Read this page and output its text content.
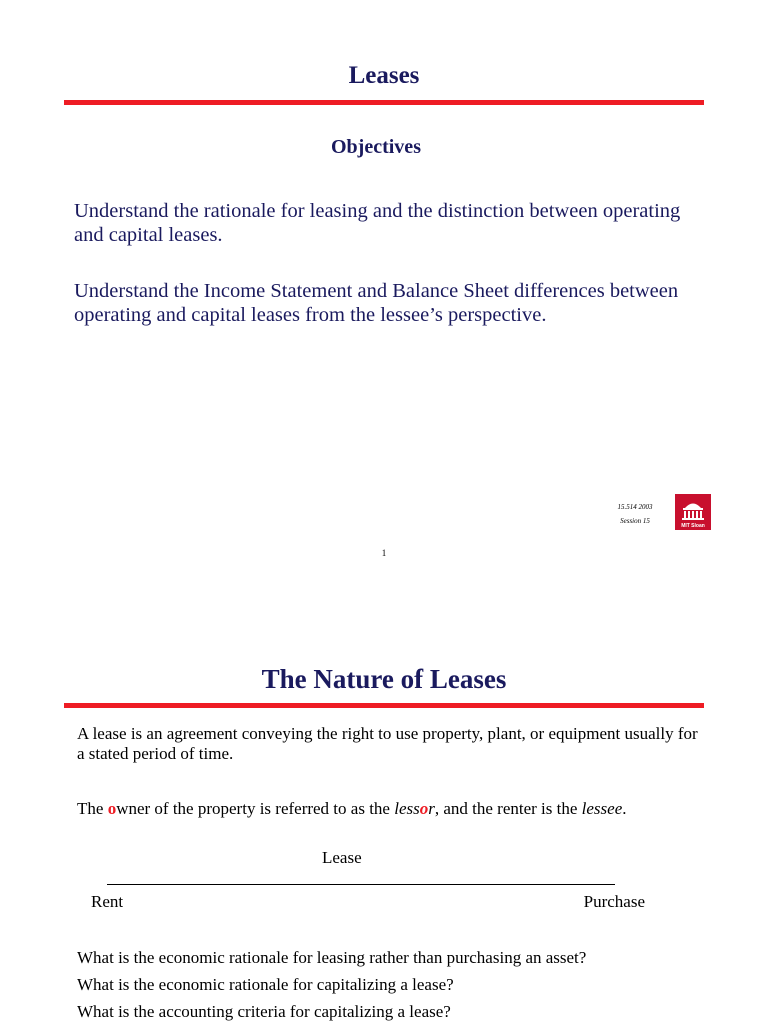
Leases
Objectives
Understand the rationale for leasing and the distinction between operating and capital leases.
Understand the Income Statement and Balance Sheet differences between operating and capital leases from the lessee’s perspective.
15.514 2003
Session 15
MIT Sloan
1
The Nature of Leases
A lease is an agreement conveying the right to use property, plant, or equipment usually for a stated period of time.
The owner of the property is referred to as the lessor, and the renter is the lessee.
Lease
Rent	Purchase
What is the economic rationale for leasing rather than purchasing an asset?
What is the economic rationale for capitalizing a lease?
What is the accounting criteria for capitalizing a lease?
